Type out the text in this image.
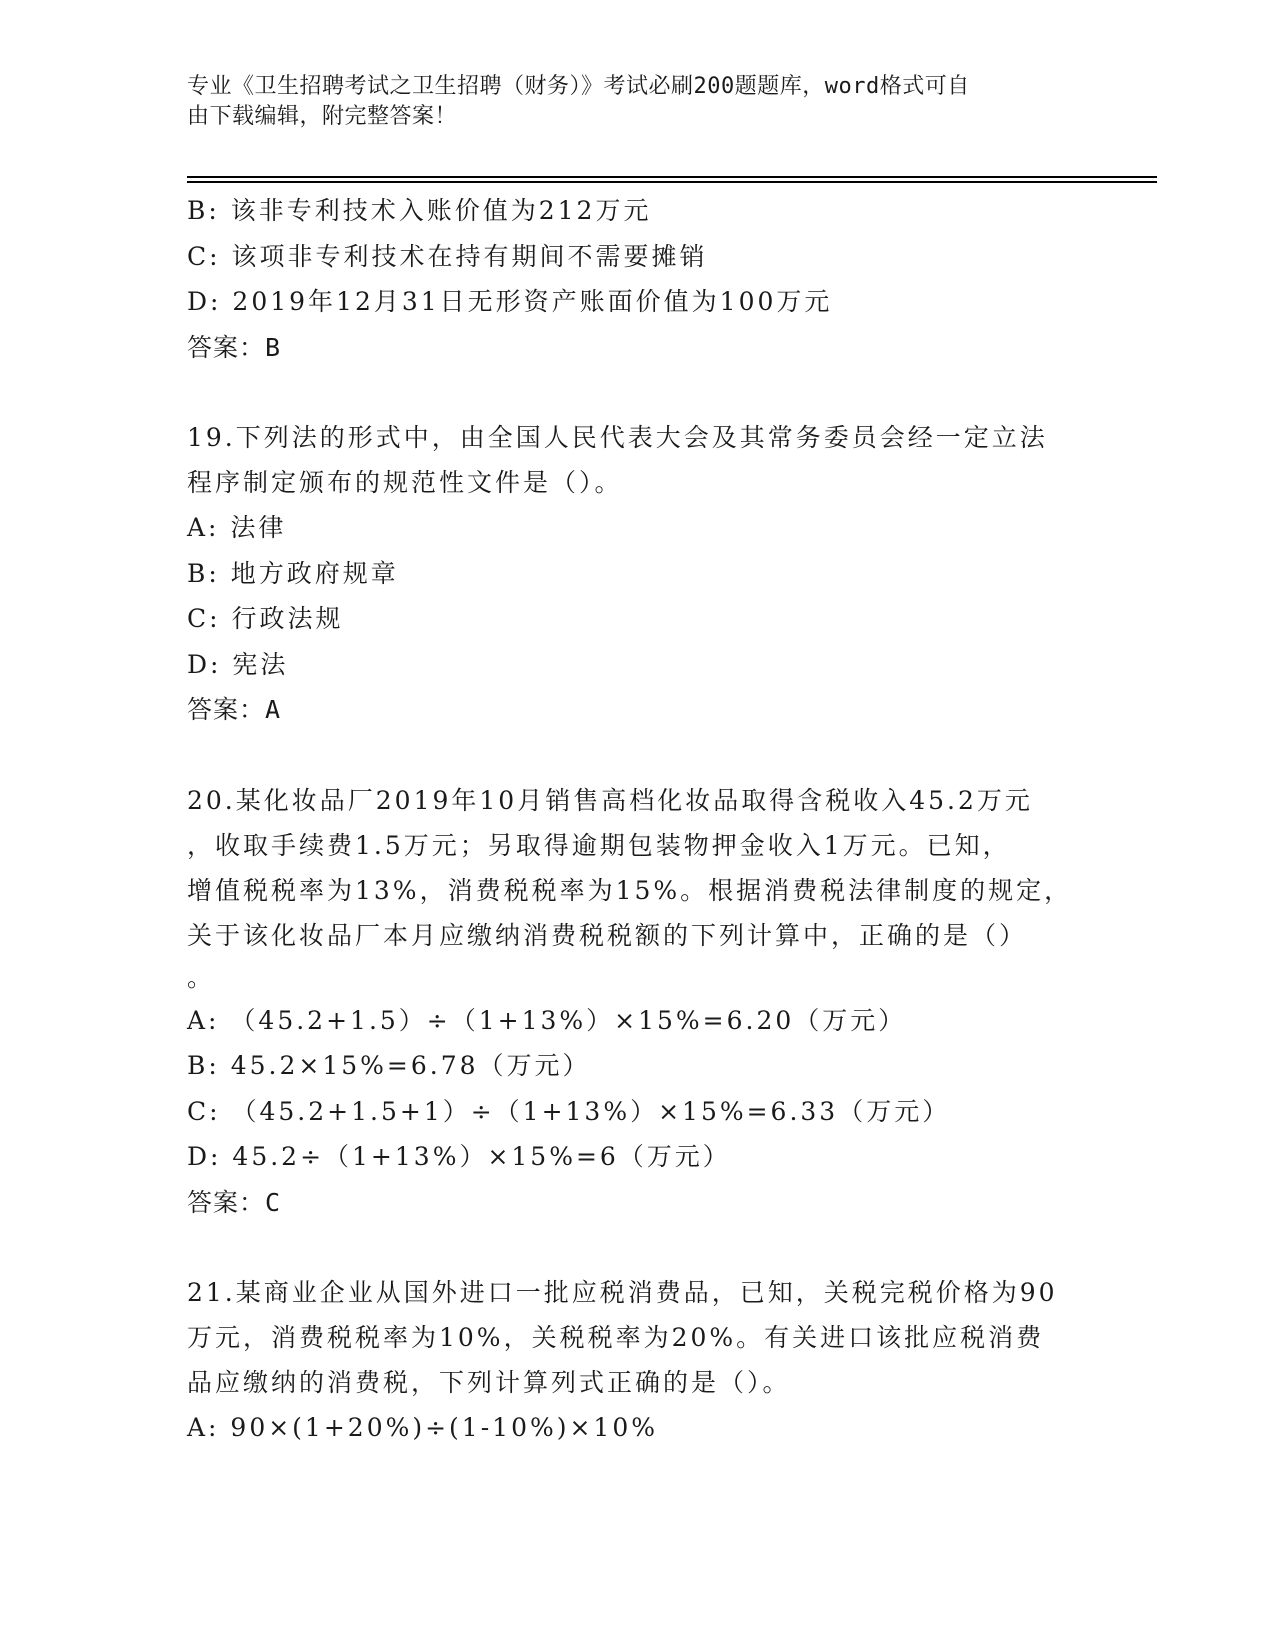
专业《卫生招聘考试之卫生招聘（财务）》考试必刷200题题库，word格式可自
由下载编辑，附完整答案！
B: 该非专利技术入账价值为212万元
C: 该项非专利技术在持有期间不需要摊销
D: 2019年12月31日无形资产账面价值为100万元
答案：B
19.下列法的形式中，由全国人民代表大会及其常务委员会经一定立法
程序制定颁布的规范性文件是（）。
A: 法律
B: 地方政府规章
C: 行政法规
D: 宪法
答案：A
20.某化妆品厂2019年10月销售高档化妆品取得含税收入45.2万元
，收取手续费1.5万元；另取得逾期包装物押金收入1万元。已知，
增值税税率为13%，消费税税率为15%。根据消费税法律制度的规定，
关于该化妆品厂本月应缴纳消费税税额的下列计算中，正确的是（）
。
A: （45.2+1.5）÷（1+13%）×15%=6.20（万元）
B: 45.2×15%=6.78（万元）
C: （45.2+1.5+1）÷（1+13%）×15%=6.33（万元）
D: 45.2÷（1+13%）×15%=6（万元）
答案：C
21.某商业企业从国外进口一批应税消费品，已知，关税完税价格为90
万元，消费税税率为10%，关税税率为20%。有关进口该批应税消费
品应缴纳的消费税，下列计算列式正确的是（）。
A: 90×(1+20%)÷(1-10%)×10%
